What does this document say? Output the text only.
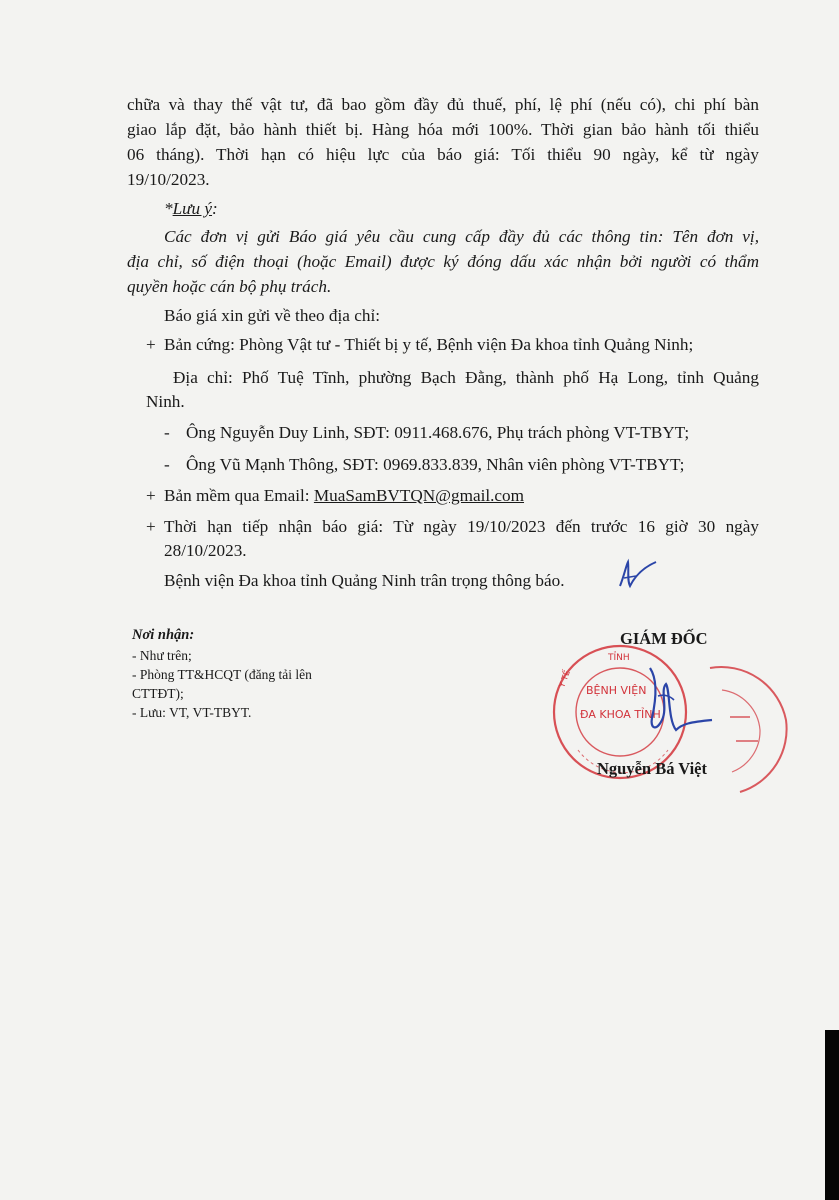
chữa và thay thế vật tư, đã bao gồm đầy đủ thuế, phí, lệ phí (nếu có), chi phí bàn
giao lắp đặt, bảo hành thiết bị. Hàng hóa mới 100%. Thời gian bảo hành tối thiểu
06 tháng). Thời hạn có hiệu lực của báo giá: Tối thiểu 90 ngày, kể từ ngày
19/10/2023.
*Lưu ý:
Các đơn vị gửi Báo giá yêu cầu cung cấp đầy đủ các thông tin: Tên đơn vị,
địa chỉ, số điện thoại (hoặc Email) được ký đóng dấu xác nhận bởi người có thẩm
quyền hoặc cán bộ phụ trách.
Báo giá xin gửi về theo địa chỉ:
+ Bản cứng: Phòng Vật tư - Thiết bị y tế, Bệnh viện Đa khoa tỉnh Quảng Ninh;
Địa chỉ: Phố Tuệ Tĩnh, phường Bạch Đằng, thành phố Hạ Long, tỉnh Quảng
Ninh.
- Ông Nguyễn Duy Linh, SĐT: 0911.468.676, Phụ trách phòng VT-TBYT;
- Ông Vũ Mạnh Thông, SĐT: 0969.833.839, Nhân viên phòng VT-TBYT;
+ Bản mềm qua Email: MuaSamBVTQN@gmail.com
+ Thời hạn tiếp nhận báo giá: Từ ngày 19/10/2023 đến trước 16 giờ 30 ngày
28/10/2023.
Bệnh viện Đa khoa tỉnh Quảng Ninh trân trọng thông báo.
Nơi nhận:
- Như trên;
- Phòng TT&HCQT (đăng tải lên
CTTĐT);
- Lưu: VT, VT-TBYT.
GIÁM ĐỐC
TỈNH
Y TẾ
BỆNH VIỆN
ĐA KHOA TỈNH
Nguyễn Bá Việt
